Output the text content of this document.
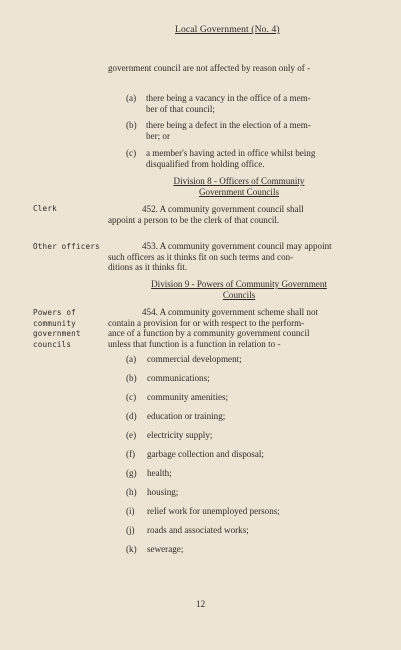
Local Government (No. 4)
government council are not affected by reason only of -
(a) there being a vacancy in the office of a mem-
ber of that council;
(b) there being a defect in the election of a mem-
ber; or
(c) a member's having acted in office whilst being
disqualified from holding office.
Division 8 - Officers of Community
Government Councils
Clerk	452. A community government council shall
appoint a person to be the clerk of that council.
Other officers	453. A community government council may appoint
such officers as it thinks fit on such terms and con-
ditions as it thinks fit.
Division 9 - Powers of Community Government
Councils
Powers of
community
government
councils
454. A community government scheme shall not
contain a provision for or with respect to the perform-
ance of a function by a community government council
unless that function is a function in relation to -
(a) commercial development;
(b) communications;
(c) community amenities;
(d) education or training;
(e) electricity supply;
(f) garbage collection and disposal;
(g) health;
(h) housing;
(i) relief work for unemployed persons;
(j) roads and associated works;
(k) sewerage;
12
